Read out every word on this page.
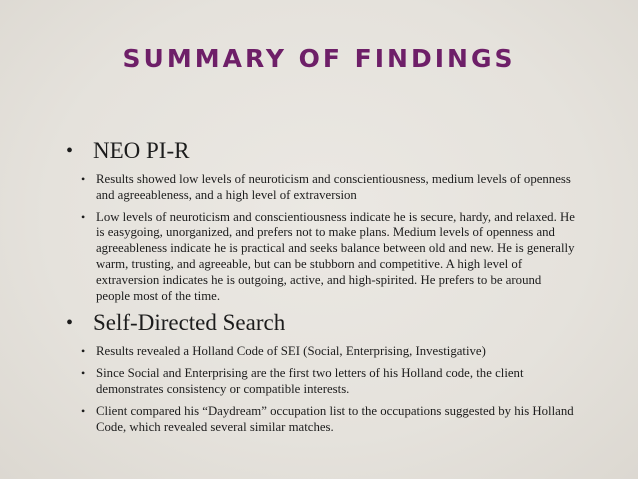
SUMMARY OF FINDINGS
• NEO PI-R
• Results showed low levels of neuroticism and conscientiousness, medium levels of openness and agreeableness, and a high level of extraversion
• Low levels of neuroticism and conscientiousness indicate he is secure, hardy, and relaxed. He is easygoing, unorganized, and prefers not to make plans. Medium levels of openness and agreeableness indicate he is practical and seeks balance between old and new. He is generally warm, trusting, and agreeable, but can be stubborn and competitive. A high level of extraversion indicates he is outgoing, active, and high-spirited. He prefers to be around people most of the time.
• Self-Directed Search
• Results revealed a Holland Code of SEI (Social, Enterprising, Investigative)
• Since Social and Enterprising are the first two letters of his Holland code, the client demonstrates consistency or compatible interests.
• Client compared his “Daydream” occupation list to the occupations suggested by his Holland Code, which revealed several similar matches.
